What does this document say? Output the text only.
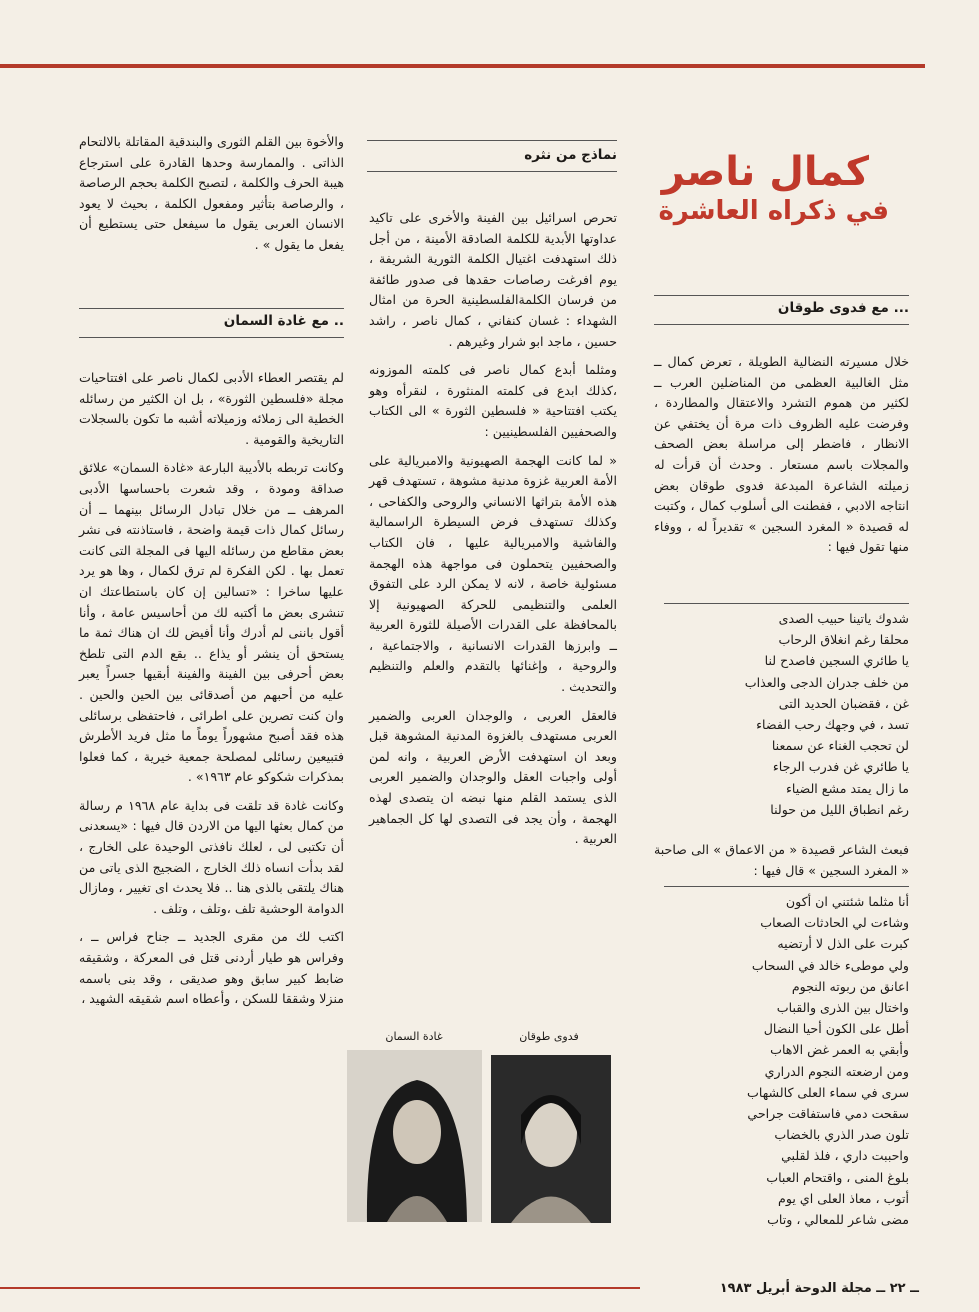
كمال ناصر
في ذكراه العاشرة
... مع فدوى طوقان

خلال مسيرته النضالية الطويلة ، تعرض كمال ــ مثل الغالبية العظمى من المناضلين العرب ــ لكثير من هموم التشرد والاعتقال والمطاردة ، وفرضت عليه الظروف ذات مرة أن يختفي عن الانظار ، فاضطر إلى مراسلة بعض الصحف والمجلات باسم مستعار . وحدث أن قرأت له زميلته الشاعرة المبدعة فدوى طوقان بعض انتاجه الادبي ، ففطنت الى أسلوب كمال ، وكتبت له قصيدة « المغرد السجين » تقديراً له ، ووفاء منها تقول فيها :

شدوك ياتينا حبيب الصدى

محلقا رغم انغلاق الرحاب

يا طائري السجين فاصدح لنا

من خلف جدران الدجى والعذاب

غن ، فقضبان الحديد التى

تسد ، في وجهك رحب الفضاء

لن تحجب الغناء عن سمعنا

يا طائري غن فدرب الرجاء

ما زال يمتد مشع الضياء

رغم انطباق الليل من حولنا

فبعث الشاعر قصيدة « من الاعماق » الى صاحبة « المغرد السجين » قال فيها :

أنا مثلما شئتني ان أكون

وشاءت لي الحادثات الصعاب

كبرت على الذل لا أرتضيه

ولي موطىء خالد في السحاب

اعانق من ربوته النجوم

واختال بين الذرى والقباب

أطل على الكون أحيا النضال

وأبقي به العمر غض الاهاب

ومن ارضعته النجوم الدراري

سرى في سماء العلى كالشهاب

سقحت دمي فاستفاقت جراحي

تلون صدر الذري بالخضاب

واحببت داري ، فلذ لقلبي

بلوغ المنى ، واقتحام العباب

أتوب ، معاذ العلى اي يوم

مضى شاعر للمعالي ، وتاب

نماذج من نثره

تحرص اسرائيل بين الفينة والأخرى على تاكيد عداوتها الأبدية للكلمة الصادقة الأمينة ، من أجل ذلك استهدفت اغتيال الكلمة الثورية الشريفة ، يوم افرغت رصاصات حقدها فى صدور طائفة من فرسان الكلمةالفلسطينية الحرة من امثال الشهداء : غسان كنفاني ، كمال ناصر ، راشد حسين ، ماجد ابو شرار وغيرهم .

ومثلما أبدع كمال ناصر فى كلمته الموزونه ،كذلك ابدع فى كلمته المنثورة ، لنقرأه وهو يكتب افتتاحية « فلسطين الثورة » الى الكتاب والصحفيين الفلسطينيين :

« لما كانت الهجمة الصهيونية والامبريالية على الأمة العربية غزوة مدنية مشوهة ، تستهدف قهر هذه الأمة بتراثها الانساني والروحى والكفاحى ، وكذلك تستهدف فرض السيطرة الراسمالية والفاشية والامبريالية عليها ، فان الكتاب والصحفيين يتحملون فى مواجهة هذه الهجمة مسئولية خاصة ، لانه لا يمكن الرد على التفوق العلمى والتنظيمى للحركة الصهيونية إلا بالمحافظة على القدرات الأصيلة للثورة العربية ــ وابرزها القدرات الانسانية ، والاجتماعية ، والروحية ، وإغنائها بالتقدم والعلم والتنظيم والتحديث .

فالعقل العربى ، والوجدان العربى والضمير العربى مستهدف بالغزوة المدنية المشوهة قبل وبعد ان استهدفت الأرض العربية ، وانه لمن أولى واجبات العقل والوجدان والضمير العربى الذى يستمد القلم منها نبضه ان يتصدى لهذه الهجمة ، وأن يجد فى التصدى لها كل الجماهير العربية .

فدوى طوقان
غادة السمان

والأخوة بين القلم الثورى والبندقية المقاتلة بالالتحام الذاتى . والممارسة وحدها القادرة على استرجاع هيبة الحرف والكلمة ، لتصبح الكلمة بحجم الرصاصة ، والرصاصة بتأثير ومفعول الكلمة ، بحيث لا يعود الانسان العربى يقول ما سيفعل حتى يستطيع أن يفعل ما يقول » .

.. مع غادة السمان

لم يقتصر العطاء الأدبى لكمال ناصر على افتتاحيات مجلة «فلسطين الثورة» ، بل ان الكثير من رسائله الخطية الى زملائه وزميلاته أشبه ما تكون بالسجلات التاريخية والقومية .

وكانت تربطه بالأديبة البارعة «غادة السمان» علائق صداقة ومودة ، وقد شعرت باحساسها الأدبى المرهف ــ من خلال تبادل الرسائل بينهما ــ أن رسائل كمال ذات قيمة واضحة ، فاستاذنته فى نشر بعض مقاطع من رسائله اليها فى المجلة التى كانت تعمل بها . لكن الفكرة لم ترق لكمال ، وها هو يرد عليها ساخرا : «تسالين إن كان باستطاعتك ان تنشرى بعض ما أكتبه لك من أحاسيس عامة ، وأنا أقول باننى لم أدرك وأنا أفيض لك ان هناك ثمة ما يستحق أن ينشر أو يذاع .. بقع الدم التى تلطخ بعض أحرفى بين الفينة والفينة أبقيها جسراً يعبر عليه من أحبهم من أصدقائى بين الحين والحين . وان كنت تصرين على اطرائى ، فاحتفظى برسائلى هذه فقد أصبح مشهوراً يوماً ما مثل فريد الأطرش فتبيعين رسائلى لمصلحة جمعية خيرية ، كما فعلوا بمذكرات شكوكو عام ١٩٦٣» .

وكانت غادة قد تلقت فى بداية عام ١٩٦٨ م رسالة من كمال بعثها اليها من الاردن قال فيها : «يسعدنى أن تكتبى لى ، لعلك نافذتى الوحيدة على الخارج ، لقد بدأت انساه ذلك الخارج ، الضجيج الذى ياتى من هناك يلتقى بالذى هنا .. فلا يحدث اى تغيير ، ومازال الدوامة الوحشية تلف ،وتلف ، وتلف .

اكتب لك من مقرى الجديد ــ جناح فراس ــ ، وفراس هو طيار أردنى قتل فى المعركة ، وشقيقه ضابط كبير سابق وهو صديقى ، وقد بنى باسمه منزلا وشققا للسكن ، وأعطاه اسم شقيقه الشهيد ،

ــ ٢٢ ــ مجلة الدوحة أبريل ١٩٨٣
